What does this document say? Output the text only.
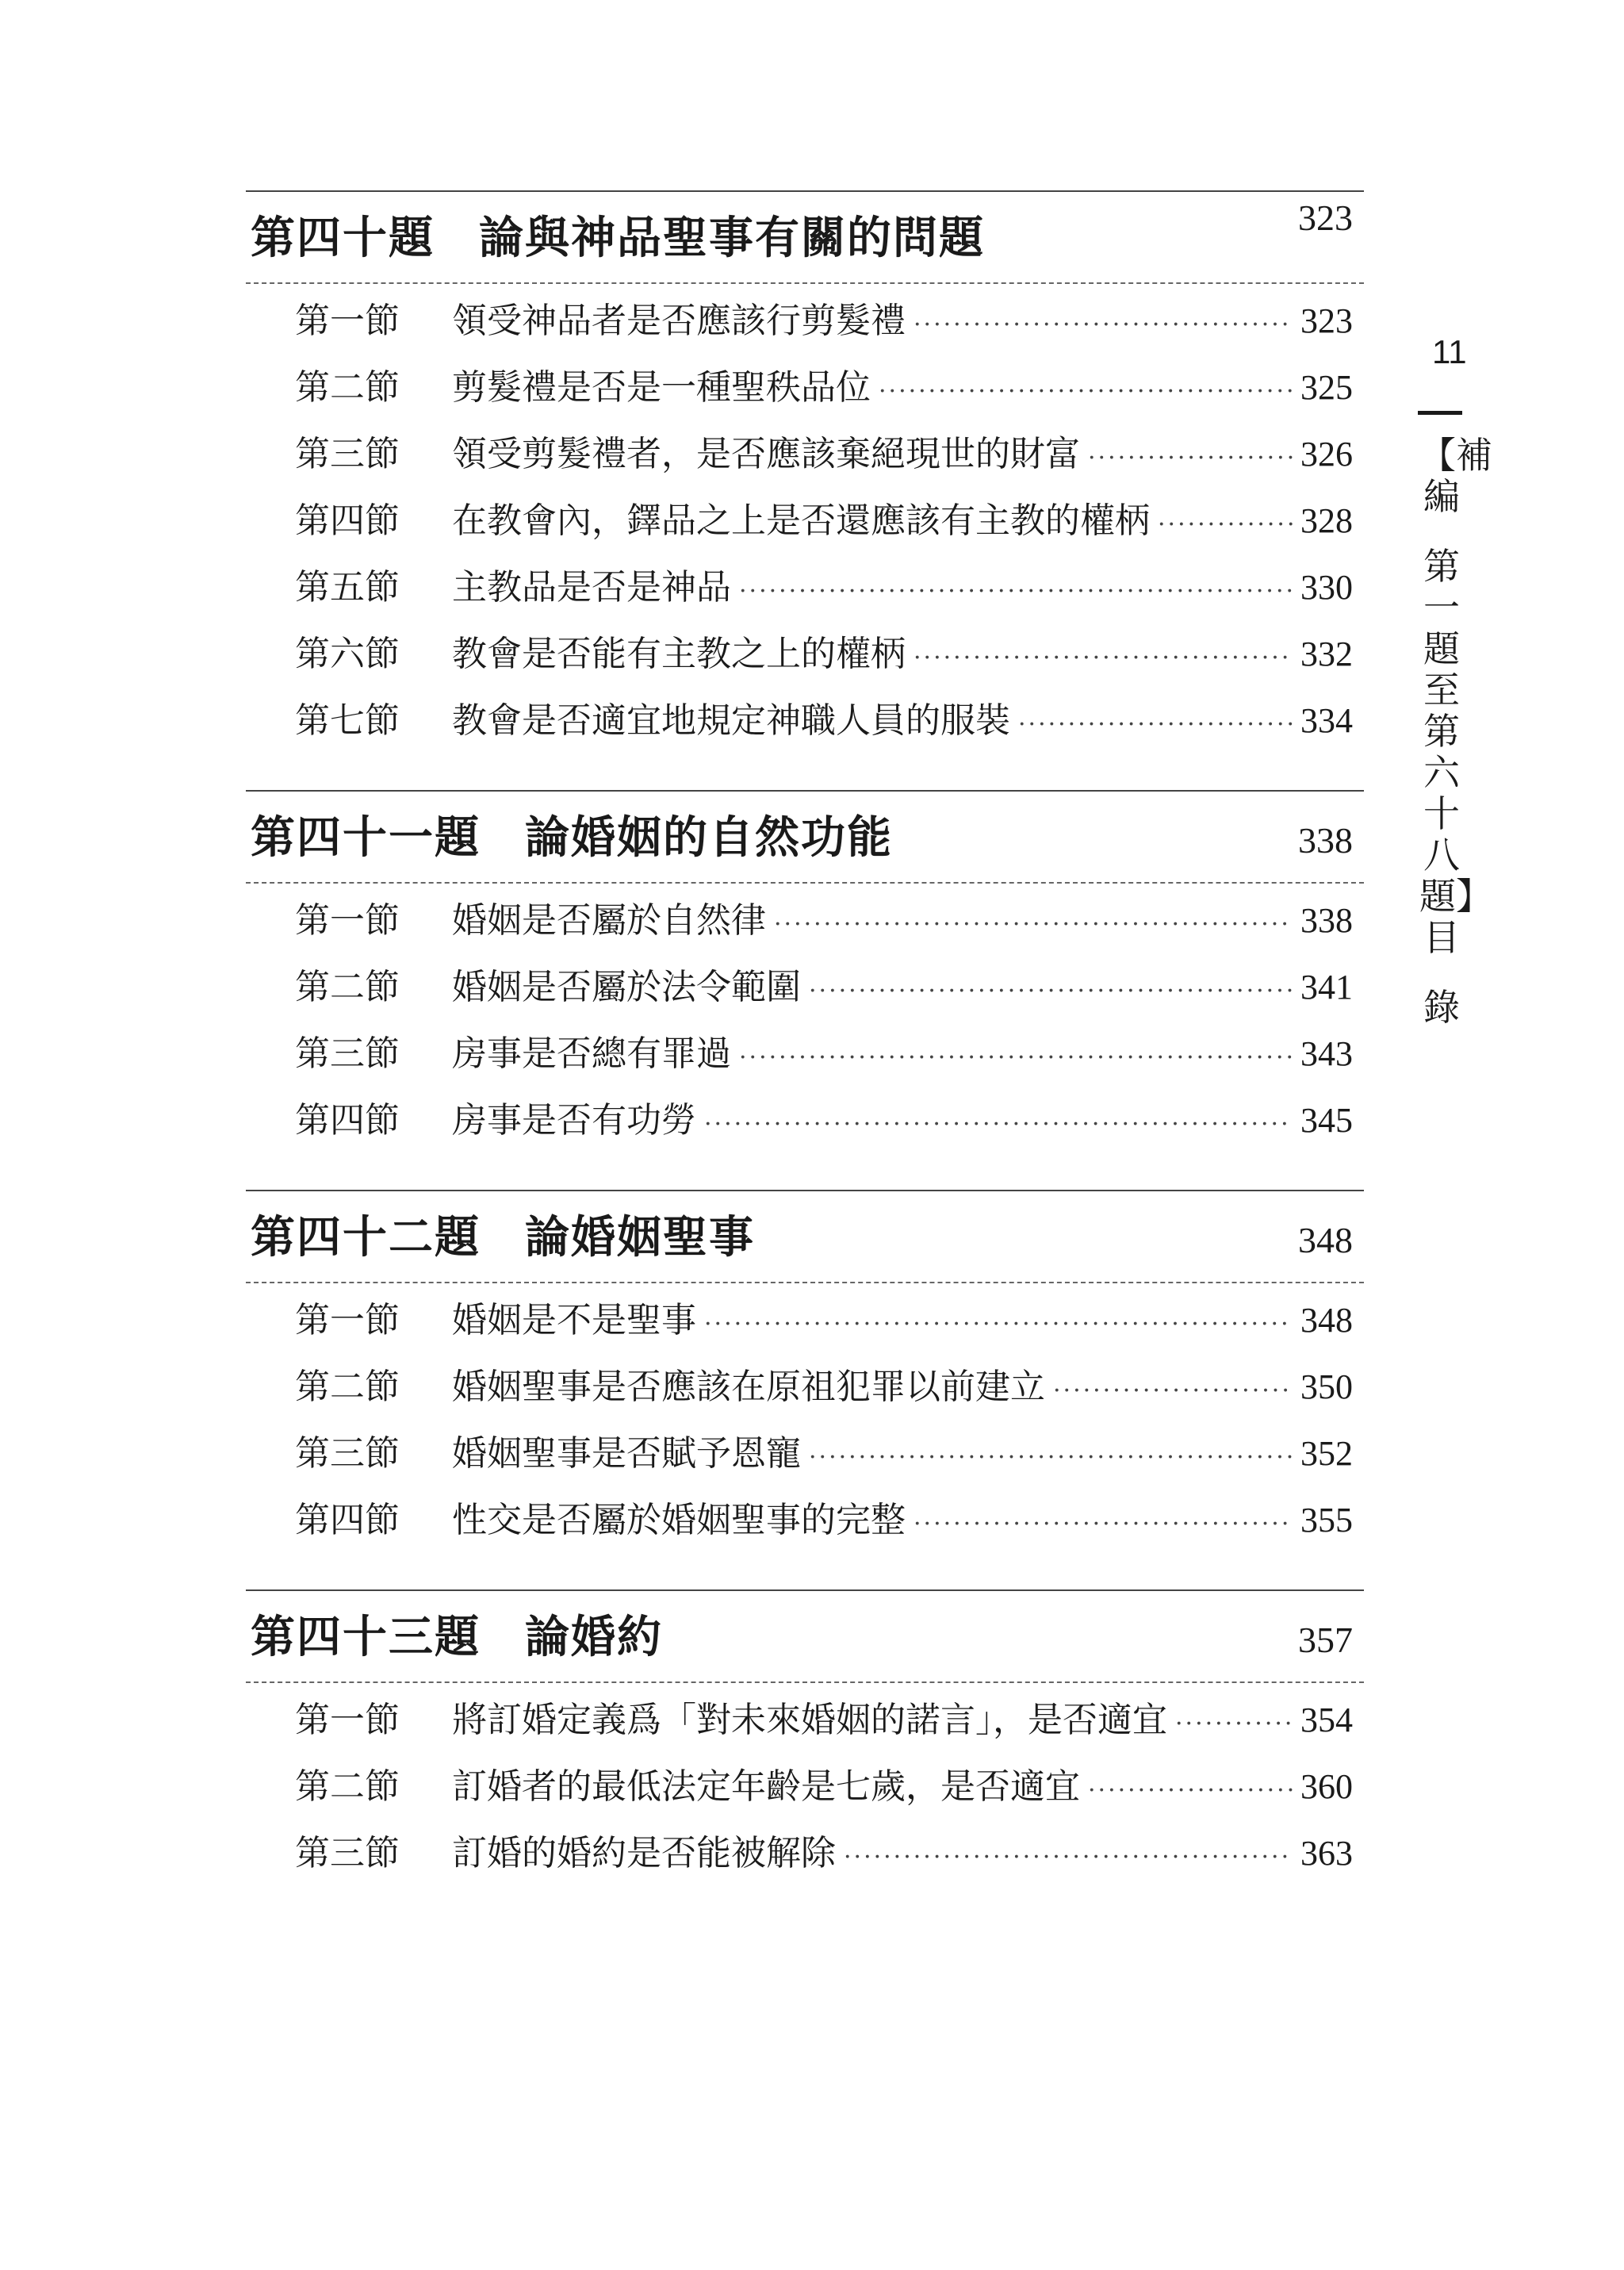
第四十題 論與神品聖事有關的問題	323
第一節	領受神品者是否應該行剪髮禮 ·····	323
第二節	剪髮禮是否是一種聖秩品位 ·····	325
第三節	領受剪髮禮者，是否應該棄絕現世的財富 ·····	326
第四節	在教會內，鐸品之上是否還應該有主教的權柄 ·····	328
第五節	主教品是否是神品 ·····	330
第六節	教會是否能有主教之上的權柄 ·····	332
第七節	教會是否適宜地規定神職人員的服裝 ·····	334
第四十一題 論婚姻的自然功能	338
第一節	婚姻是否屬於自然律 ·····	338
第二節	婚姻是否屬於法令範圍 ·····	341
第三節	房事是否總有罪過 ·····	343
第四節	房事是否有功勞 ·····	345
第四十二題 論婚姻聖事	348
第一節	婚姻是不是聖事 ·····	348
第二節	婚姻聖事是否應該在原祖犯罪以前建立 ·····	350
第三節	婚姻聖事是否賦予恩寵 ·····	352
第四節	性交是否屬於婚姻聖事的完整 ·····	355
第四十三題 論婚約	357
第一節	將訂婚定義爲「對未來婚姻的諾言」，是否適宜 ·····	354
第二節	訂婚者的最低法定年齡是七歲，是否適宜 ·····	360
第三節	訂婚的婚約是否能被解除 ·····	363
11
【補編
第一題至第六十八題】 目
錄
